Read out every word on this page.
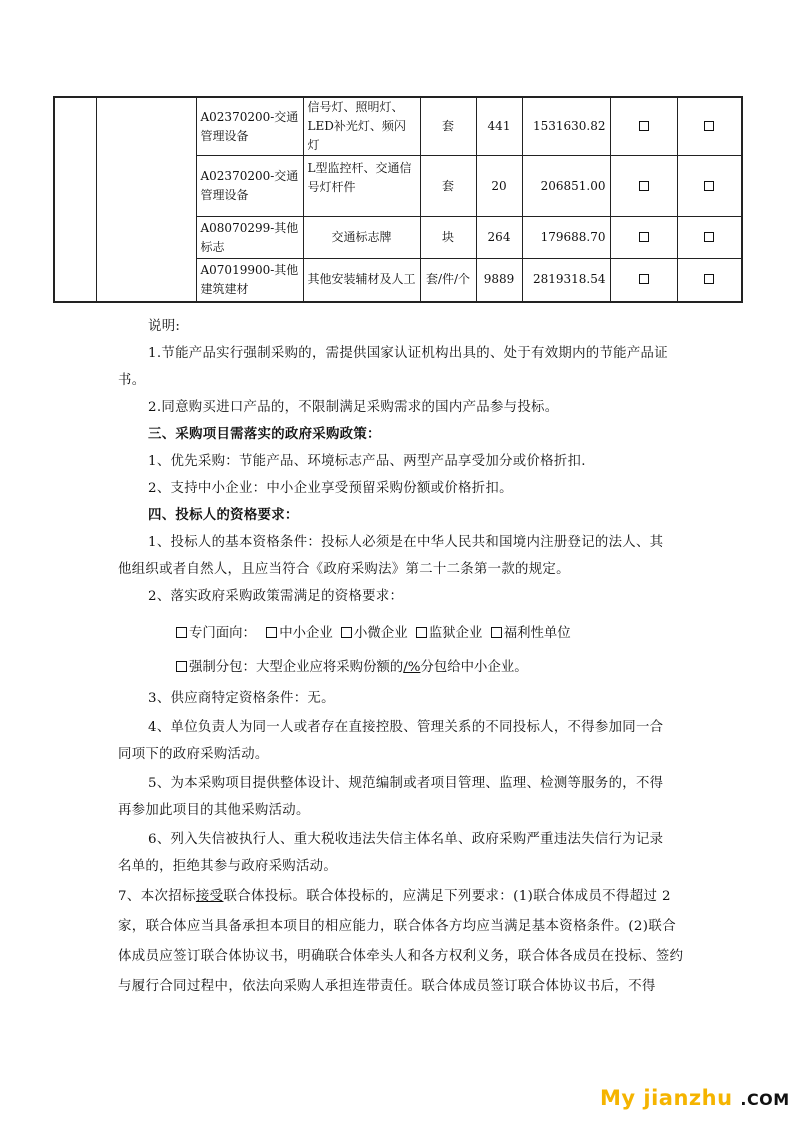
		A02370200-交通管理设备	信号灯、照明灯、LED补光灯、频闪灯	套	441	1531630.82		
		A02370200-交通管理设备	L型监控杆、交通信号灯杆件	套	20	206851.00		
		A08070299-其他标志	交通标志牌	块	264	179688.70		
		A07019900-其他建筑建材	其他安装辅材及人工	套/件/个	9889	2819318.54		

说明:

1.节能产品实行强制采购的，需提供国家认证机构出具的、处于有效期内的节能产品证书。

2.同意购买进口产品的，不限制满足采购需求的国内产品参与投标。

三、采购项目需落实的政府采购政策：

1、优先采购：节能产品、环境标志产品、两型产品享受加分或价格折扣.

2、支持中小企业：中小企业享受预留采购份额或价格折扣。

四、投标人的资格要求：

1、投标人的基本资格条件：投标人必须是在中华人民共和国境内注册登记的法人、其他组织或者自然人，且应当符合《政府采购法》第二十二条第一款的规定。

2、落实政府采购政策需满足的资格要求：

专门面向： 中小企业 小微企业 监狱企业 福利性单位
强制分包：大型企业应将采购份额的/%分包给中小企业。

3、供应商特定资格条件：无。

4、单位负责人为同一人或者存在直接控股、管理关系的不同投标人，不得参加同一合同项下的政府采购活动。

5、为本采购项目提供整体设计、规范编制或者项目管理、监理、检测等服务的，不得再参加此项目的其他采购活动。

6、列入失信被执行人、重大税收违法失信主体名单、政府采购严重违法失信行为记录名单的，拒绝其参与政府采购活动。

7、本次招标接受联合体投标。联合体投标的，应满足下列要求：(1)联合体成员不得超过 2家，联合体应当具备承担本项目的相应能力，联合体各方均应当满足基本资格条件。(2)联合体成员应签订联合体协议书，明确联合体牵头人和各方权利义务，联合体各成员在投标、签约与履行合同过程中，依法向采购人承担连带责任。联合体成员签订联合体协议书后，不得
My jianzhu .COM
